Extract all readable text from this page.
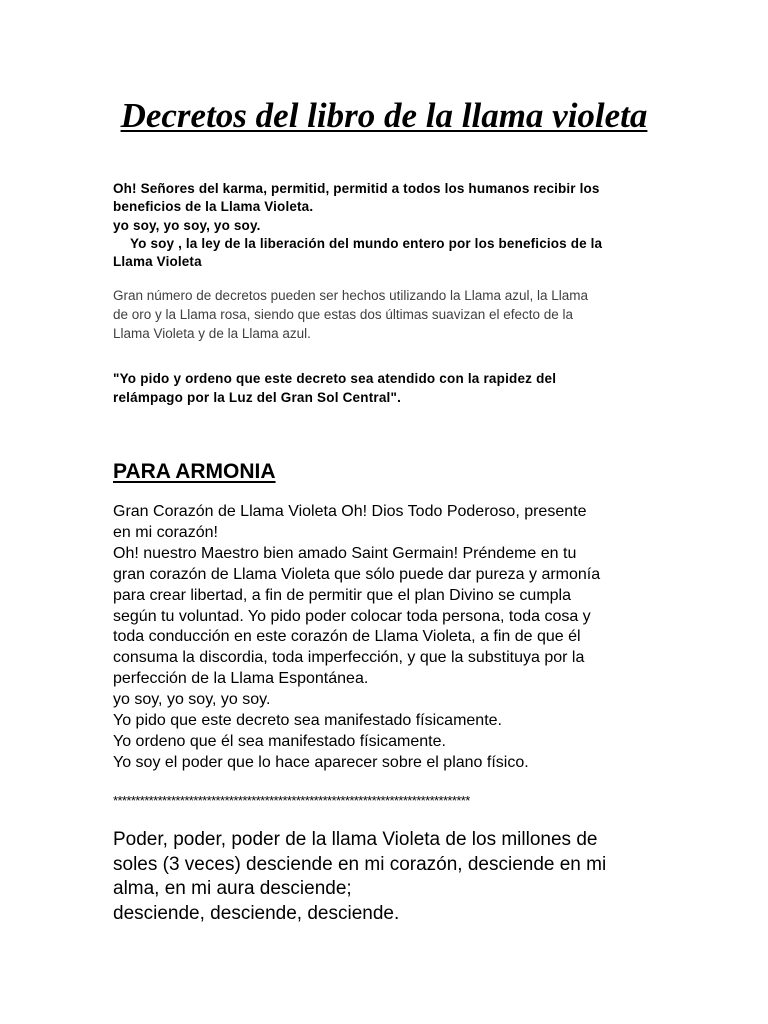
Decretos del libro de la llama violeta
Oh! Señores del karma, permitid, permitid a todos los humanos recibir los
beneficios de la Llama Violeta.
yo soy, yo soy, yo soy.
Yo soy , la ley de la liberación del mundo entero por los beneficios de la
Llama Violeta
Gran número de decretos pueden ser hechos utilizando la Llama azul, la Llama
de oro y la Llama rosa, siendo que estas dos últimas suavizan el efecto de la
Llama Violeta y de la Llama azul.
"Yo pido y ordeno que este decreto sea atendido con la rapidez del
relámpago por la Luz del Gran Sol Central".
PARA ARMONIA
Gran Corazón de Llama Violeta Oh! Dios Todo Poderoso, presente
en mi corazón!
Oh! nuestro Maestro bien amado Saint Germain! Préndeme en tu
gran corazón de Llama Violeta que sólo puede dar pureza y armonía
para crear libertad, a fin de permitir que el plan Divino se cumpla
según tu voluntad. Yo pido poder colocar toda persona, toda cosa y
toda conducción en este corazón de Llama Violeta, a fin de que él
consuma la discordia, toda imperfección, y que la substituya por la
perfección de la Llama Espontánea.
yo soy, yo soy, yo soy.
Yo pido que este decreto sea manifestado físicamente.
Yo ordeno que él sea manifestado físicamente.
Yo soy el poder que lo hace aparecer sobre el plano físico.
********************************************************************************
Poder, poder, poder de la llama Violeta de los millones de
soles (3 veces) desciende en mi corazón, desciende en mi
alma, en mi aura desciende;
desciende, desciende, desciende.
